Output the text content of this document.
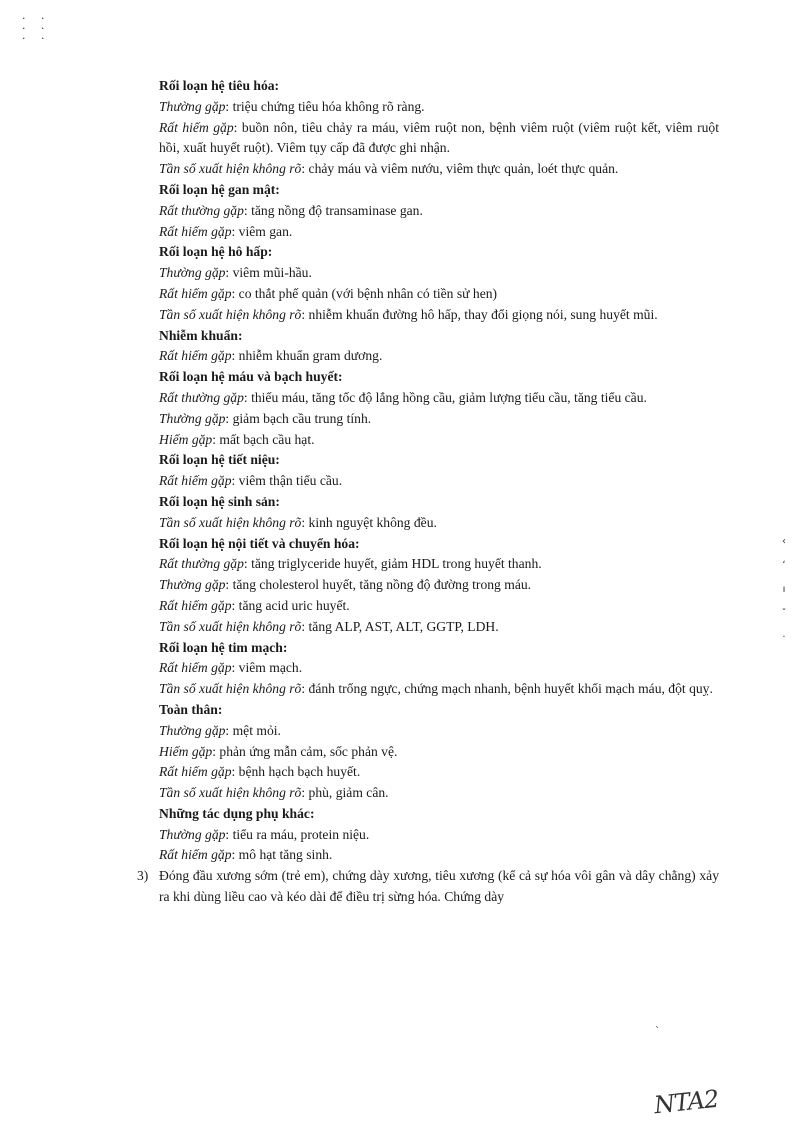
· ·
· ·
· ·
‹
ʻ
ı
ˇ
·
Rối loạn hệ tiêu hóa:
Thường gặp: triệu chứng tiêu hóa không rõ ràng.
Rất hiếm gặp: buồn nôn, tiêu chảy ra máu, viêm ruột non, bệnh viêm ruột (viêm ruột kết, viêm ruột hồi, xuất huyết ruột). Viêm tụy cấp đã được ghi nhận.
Tần số xuất hiện không rõ: chảy máu và viêm nướu, viêm thực quản, loét thực quản.
Rối loạn hệ gan mật:
Rất thường gặp: tăng nồng độ transaminase gan.
Rất hiếm gặp: viêm gan.
Rối loạn hệ hô hấp:
Thường gặp: viêm mũi-hầu.
Rất hiếm gặp: co thắt phế quản (với bệnh nhân có tiền sử hen)
Tần số xuất hiện không rõ: nhiễm khuẩn đường hô hấp, thay đổi giọng nói, sung huyết mũi.
Nhiễm khuẩn:
Rất hiếm gặp: nhiễm khuẩn gram dương.
Rối loạn hệ máu và bạch huyết:
Rất thường gặp: thiếu máu, tăng tốc độ lắng hồng cầu, giảm lượng tiểu cầu, tăng tiểu cầu.
Thường gặp: giảm bạch cầu trung tính.
Hiếm gặp: mất bạch cầu hạt.
Rối loạn hệ tiết niệu:
Rất hiếm gặp: viêm thận tiểu cầu.
Rối loạn hệ sinh sản:
Tần số xuất hiện không rõ: kinh nguyệt không đều.
Rối loạn hệ nội tiết và chuyển hóa:
Rất thường gặp: tăng triglyceride huyết, giảm HDL trong huyết thanh.
Thường gặp: tăng cholesterol huyết, tăng nồng độ đường trong máu.
Rất hiếm gặp: tăng acid uric huyết.
Tần số xuất hiện không rõ: tăng ALP, AST, ALT, GGTP, LDH.
Rối loạn hệ tim mạch:
Rất hiếm gặp: viêm mạch.
Tần số xuất hiện không rõ: đánh trống ngực, chứng mạch nhanh, bệnh huyết khối mạch máu, đột quỵ.
Toàn thân:
Thường gặp: mệt mỏi.
Hiếm gặp: phản ứng mẫn cảm, sốc phản vệ.
Rất hiếm gặp: bệnh hạch bạch huyết.
Tần số xuất hiện không rõ: phù, giảm cân.
Những tác dụng phụ khác:
Thường gặp: tiểu ra máu, protein niệu.
Rất hiếm gặp: mô hạt tăng sinh.
3) Đóng đầu xương sớm (trẻ em), chứng dày xương, tiêu xương (kể cả sự hóa vôi gân và dây chằng) xảy ra khi dùng liều cao và kéo dài để điều trị sừng hóa. Chứng dày
ˋ
NTA2
